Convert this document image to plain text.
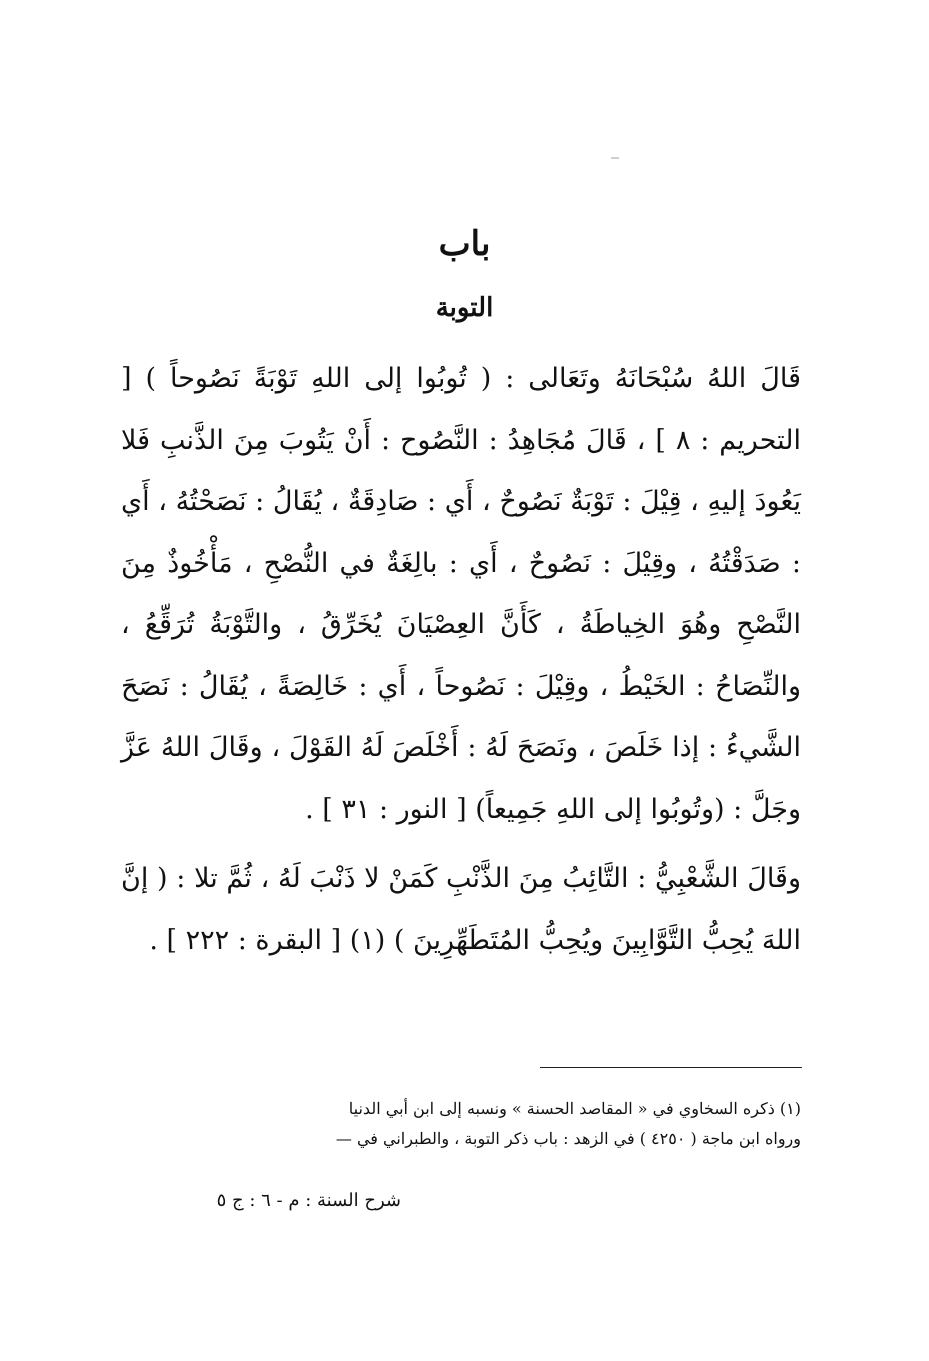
باب
التوبة

قَالَ اللهُ سُبْحَانَهُ وتَعَالى : ( تُوبُوا إلى اللهِ تَوْبَةً نَصُوحاً ) [ التحريم : ٨ ] ، قَالَ مُجَاهِدُ : النَّصُوح : أَنْ يَتُوبَ مِنَ الذَّنبِ فَلا يَعُودَ إليهِ ، قِيْلَ : تَوْبَةٌ نَصُوحٌ ، أَي : صَادِقَةٌ ، يُقَالُ : نَصَحْتُهُ ، أَي : صَدَقْتُهُ ، وقِيْلَ : نَصُوحٌ ، أَي : بالِغَةٌ في النُّصْحِ ، مَأْخُوذٌ مِنَ النَّصْحِ وهُوَ الخِياطَةُ ، كَأَنَّ العِصْيَانَ يُخَرِّقُ ، والتَّوْبَةُ تُرَقِّعُ ، والنِّصَاحُ : الخَيْطُ ، وقِيْلَ : نَصُوحاً ، أَي : خَالِصَةً ، يُقَالُ : نَصَحَ الشَّيءُ : إذا خَلَصَ ، ونَصَحَ لَهُ : أَخْلَصَ لَهُ القَوْلَ ، وقَالَ اللهُ عَزَّ وجَلَّ : (وتُوبُوا إلى اللهِ جَمِيعاً) [ النور : ٣١ ] .

وقَالَ الشَّعْبِيُّ : التَّائِبُ مِنَ الذَّنْبِ كَمَنْ لا ذَنْبَ لَهُ ، ثُمَّ تلا : ( إنَّ اللهَ يُحِبُّ التَّوَّابِينَ ويُحِبُّ المُتَطَهِّرِينَ ) (١) [ البقرة : ٢٢٢ ] .

(١) ذكره السخاوي في « المقاصد الحسنة » ونسبه إلى ابن أبي الدنيا

ورواه ابن ماجة ( ٤٢٥٠ ) في الزهد : باب ذكر التوبة ، والطبراني في —

شرح السنة : م - ٦ : ج ٥
